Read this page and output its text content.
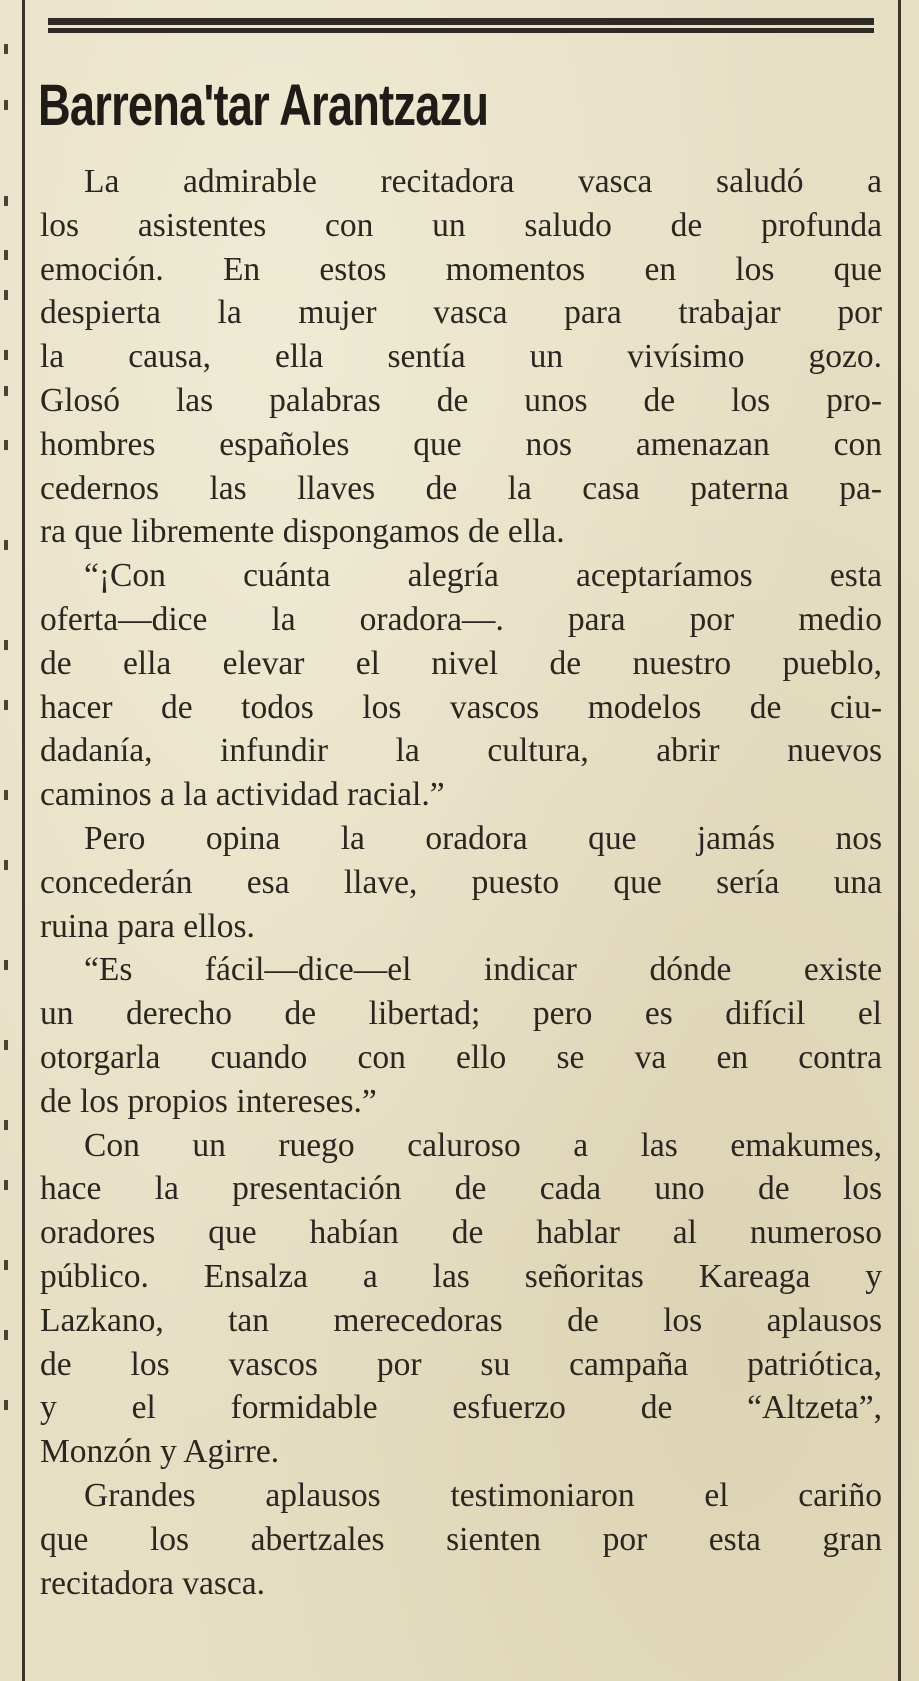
Barrena'tar Arantzazu
La admirable recitadora vasca saludó a
los asistentes con un saludo de profunda
emoción. En estos momentos en los que
despierta la mujer vasca para trabajar por
la causa, ella sentía un vivísimo gozo.
Glosó las palabras de unos de los pro-
hombres españoles que nos amenazan con
cedernos las llaves de la casa paterna pa-
ra que libremente dispongamos de ella.
“¡Con cuánta alegría aceptaríamos esta
oferta—dice la oradora—. para por medio
de ella elevar el nivel de nuestro pueblo,
hacer de todos los vascos modelos de ciu-
dadanía, infundir la cultura, abrir nuevos
caminos a la actividad racial.”
Pero opina la oradora que jamás nos
concederán esa llave, puesto que sería una
ruina para ellos.
“Es fácil—dice—el indicar dónde existe
un derecho de libertad; pero es difícil el
otorgarla cuando con ello se va en contra
de los propios intereses.”
Con un ruego caluroso a las emakumes,
hace la presentación de cada uno de los
oradores que habían de hablar al numeroso
público. Ensalza a las señoritas Kareaga y
Lazkano, tan merecedoras de los aplausos
de los vascos por su campaña patriótica,
y el formidable esfuerzo de “Altzeta”,
Monzón y Agirre.
Grandes aplausos testimoniaron el cariño
que los abertzales sienten por esta gran
recitadora vasca.
